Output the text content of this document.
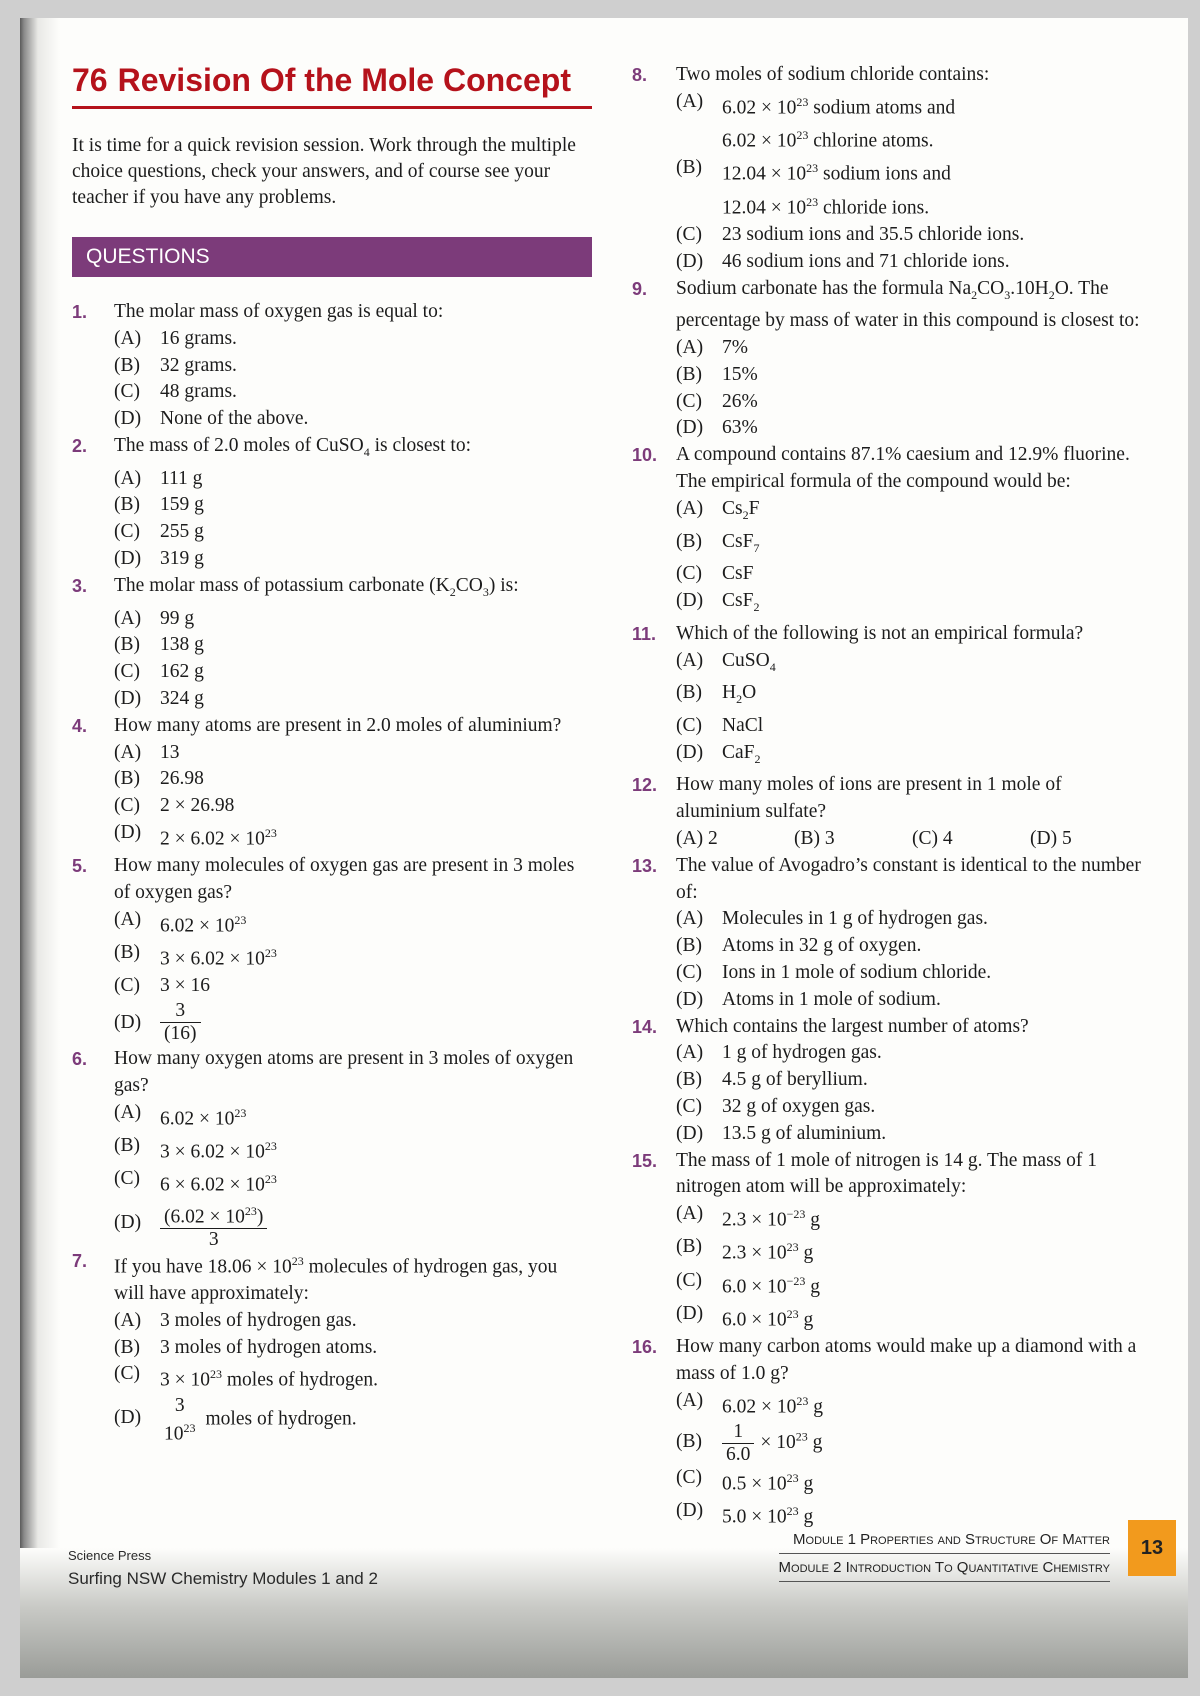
76 Revision Of the Mole Concept
It is time for a quick revision session. Work through the multiple choice questions, check your answers, and of course see your teacher if you have any problems.
QUESTIONS
1. The molar mass of oxygen gas is equal to:
(A) 16 grams.
(B) 32 grams.
(C) 48 grams.
(D) None of the above.
2. The mass of 2.0 moles of CuSO$_4$ is closest to:
(A) 111 g
(B) 159 g
(C) 255 g
(D) 319 g
3. The molar mass of potassium carbonate $(K_2CO_3)$ is:
(A) 99 g
(B) 138 g
(C) 162 g
(D) 324 g
4. How many atoms are present in 2.0 moles of aluminium?
(A) 13
(B) 26.98
(C) 2 × 26.98
(D) $2 \times 6.02 \times 10^{23}$
5. How many molecules of oxygen gas are present in 3 moles of oxygen gas?
(A) $6.02 \times 10^{23}$
(B) $3 \times 6.02 \times 10^{23}$
(C) 3 × 16
$(D) \frac{3}{(16)}$
6. How many oxygen atoms are present in 3 moles of oxygen gas?
(A) $6.02 \times 10^{23}$
(B) $3 \times 6.02 \times 10^{23}$
(C) $6 \times 6.02 \times 10^{23}$
$(D) \frac{(6.02 \times 10^{23})}{3}$
7. If you have $18.06 \times 10^{23}$ molecules of hydrogen gas, you will have approximately:
(A) 3 moles of hydrogen gas.
(B) 3 moles of hydrogen atoms.
(C) $3 \times 10^{23}$ moles of hydrogen.
(D)
3
$10^{23}$ moles of hydrogen.
8. Two moles of sodium chloride contains:
(A) $6.02 \times 10^{23}$ sodium atoms and
$6.02 \times 10^{23}$ chlorine atoms.
(B) $12.04 \times 10^{23}$ sodium ions and
$12.04 \times 10^{23}$ chloride ions.
(C) 23 sodium ions and 35.5 chloride ions.
(D) 46 sodium ions and 71 chloride ions.
9. Sodium carbonate has the formula $Na_2CO_3.10H_2O$. The percentage by mass of water in this compound is closest to:
(A) 7%
(B) 15%
(C) 26%
(D) 63%
10. A compound contains 87.1% caesium and 12.9% fluorine. The empirical formula of the compound would be:
(A) $Cs_2F$
(B) CsF$_7$
(C) CsF
(D) CsF$_2$
11. Which of the following is not an empirical formula?
(A) CuSO$_4$
(B) $H_2O$
(C) NaCl
(D) CaF$_2$
12. How many moles of ions are present in 1 mole of aluminium sulfate?
(A) 2	(B) 3	(C) 4	(D) 5
13. The value of Avogadro’s constant is identical to the number of:
(A) Molecules in 1 g of hydrogen gas.
(B) Atoms in 32 g of oxygen.
(C) Ions in 1 mole of sodium chloride.
(D) Atoms in 1 mole of sodium.
14. Which contains the largest number of atoms?
(A) 1 g of hydrogen gas.
(B) 4.5 g of beryllium.
(C) 32 g of oxygen gas.
(D) 13.5 g of aluminium.
15. The mass of 1 mole of nitrogen is 14 g. The mass of 1 nitrogen atom will be approximately:
(A) $2.3 \times 10^{-23}$ g
(B) $2.3 \times 10^{23}$ g
(C) $6.0 \times 10^{-23}$ g
(D) $6.0 \times 10^{23}$ g
16. How many carbon atoms would make up a diamond with a mass of 1.0 g?
(A) $6.02 \times 10^{23}$ g
$(B) \frac{1}{6.0} \times 10^{23}$ g
(C) $0.5 \times 10^{23}$ g
(D) $5.0 \times 10^{23}$ g
Science Press
Surfing NSW Chemistry Modules 1 and 2
Module 1 Properties and Structure Of Matter
Module 2 Introduction To Quantitative Chemistry
13
